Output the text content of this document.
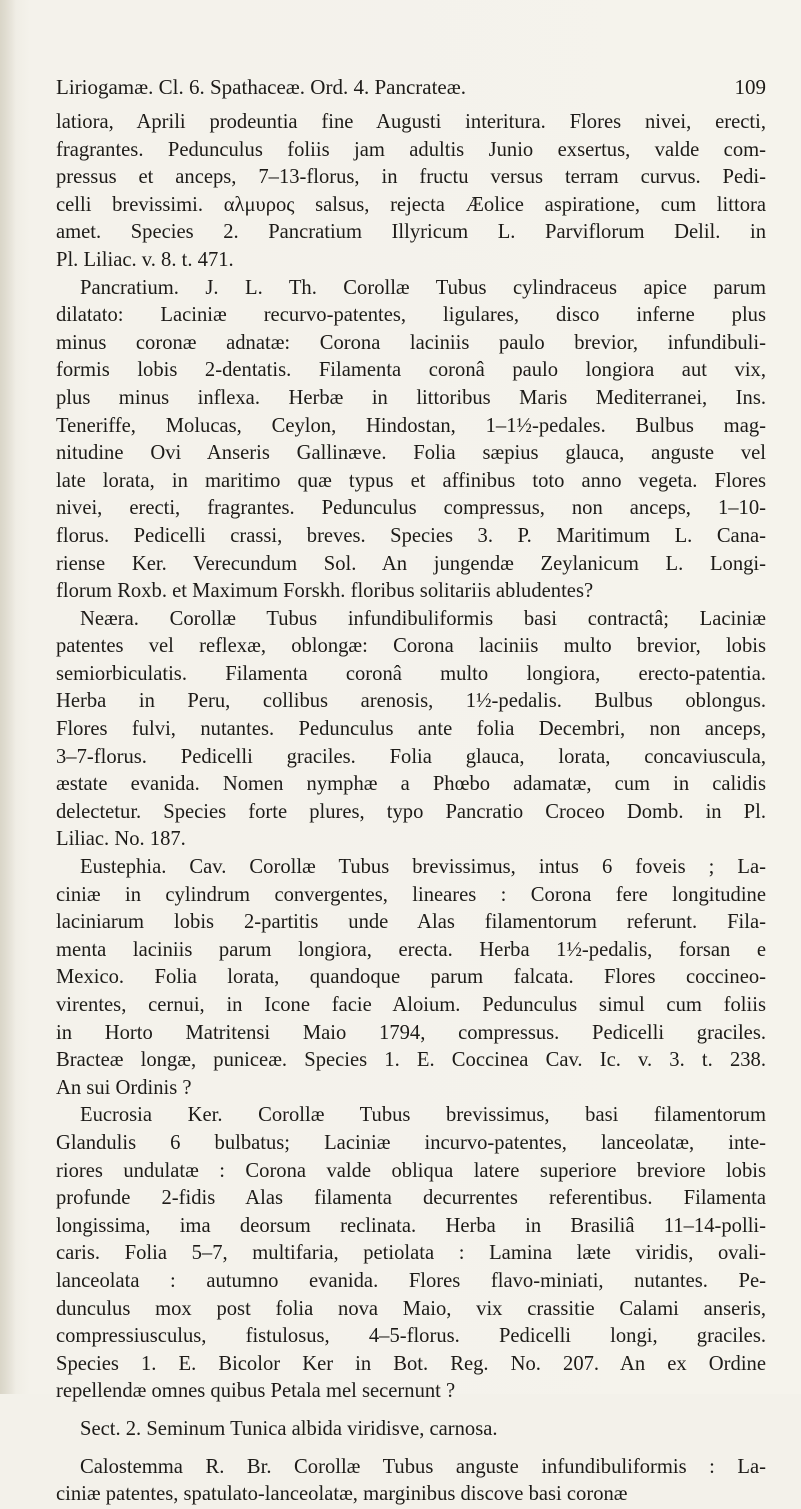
Liriogamæ. Cl. 6. Spathaceæ. Ord. 4. Pancrateæ.	109
latiora, Aprili prodeuntia fine Augusti interitura. Flores nivei, erecti,
fragrantes. Pedunculus foliis jam adultis Junio exsertus, valde com-
pressus et anceps, 7–13-florus, in fructu versus terram curvus. Pedi-
celli brevissimi. αλμυρος salsus, rejecta Æolice aspiratione, cum littora
amet. Species 2. Pancratium Illyricum L. Parviflorum Delil. in
Pl. Liliac. v. 8. t. 471.
Pancratium. J. L. Th. Corollæ Tubus cylindraceus apice parum
dilatato: Laciniæ recurvo-patentes, ligulares, disco inferne plus
minus coronæ adnatæ: Corona laciniis paulo brevior, infundibuli-
formis lobis 2-dentatis. Filamenta coronâ paulo longiora aut vix,
plus minus inflexa. Herbæ in littoribus Maris Mediterranei, Ins.
Teneriffe, Molucas, Ceylon, Hindostan, 1–1½-pedales. Bulbus mag-
nitudine Ovi Anseris Gallinæve. Folia sæpius glauca, anguste vel
late lorata, in maritimo quæ typus et affinibus toto anno vegeta. Flores
nivei, erecti, fragrantes. Pedunculus compressus, non anceps, 1–10-
florus. Pedicelli crassi, breves. Species 3. P. Maritimum L. Cana-
riense Ker. Verecundum Sol. An jungendæ Zeylanicum L. Longi-
florum Roxb. et Maximum Forskh. floribus solitariis abludentes?
Neæra. Corollæ Tubus infundibuliformis basi contractâ; Laciniæ
patentes vel reflexæ, oblongæ: Corona laciniis multo brevior, lobis
semiorbiculatis. Filamenta coronâ multo longiora, erecto-patentia.
Herba in Peru, collibus arenosis, 1½-pedalis. Bulbus oblongus.
Flores fulvi, nutantes. Pedunculus ante folia Decembri, non anceps,
3–7-florus. Pedicelli graciles. Folia glauca, lorata, concaviuscula,
æstate evanida. Nomen nymphæ a Phœbo adamatæ, cum in calidis
delectetur. Species forte plures, typo Pancratio Croceo Domb. in Pl.
Liliac. No. 187.
Eustephia. Cav. Corollæ Tubus brevissimus, intus 6 foveis ; La-
ciniæ in cylindrum convergentes, lineares : Corona fere longitudine
laciniarum lobis 2-partitis unde Alas filamentorum referunt. Fila-
menta laciniis parum longiora, erecta. Herba 1½-pedalis, forsan e
Mexico. Folia lorata, quandoque parum falcata. Flores coccineo-
virentes, cernui, in Icone facie Aloium. Pedunculus simul cum foliis
in Horto Matritensi Maio 1794, compressus. Pedicelli graciles.
Bracteæ longæ, puniceæ. Species 1. E. Coccinea Cav. Ic. v. 3. t. 238.
An sui Ordinis ?
Eucrosia Ker. Corollæ Tubus brevissimus, basi filamentorum
Glandulis 6 bulbatus; Laciniæ incurvo-patentes, lanceolatæ, inte-
riores undulatæ : Corona valde obliqua latere superiore breviore lobis
profunde 2-fidis Alas filamenta decurrentes referentibus. Filamenta
longissima, ima deorsum reclinata. Herba in Brasiliâ 11–14-polli-
caris. Folia 5–7, multifaria, petiolata : Lamina læte viridis, ovali-
lanceolata : autumno evanida. Flores flavo-miniati, nutantes. Pe-
dunculus mox post folia nova Maio, vix crassitie Calami anseris,
compressiusculus, fistulosus, 4–5-florus. Pedicelli longi, graciles.
Species 1. E. Bicolor Ker in Bot. Reg. No. 207. An ex Ordine
repellendæ omnes quibus Petala mel secernunt ?
Sect. 2. Seminum Tunica albida viridisve, carnosa.
Calostemma R. Br. Corollæ Tubus anguste infundibuliformis : La-
ciniæ patentes, spatulato-lanceolatæ, marginibus discove basi coronæ
